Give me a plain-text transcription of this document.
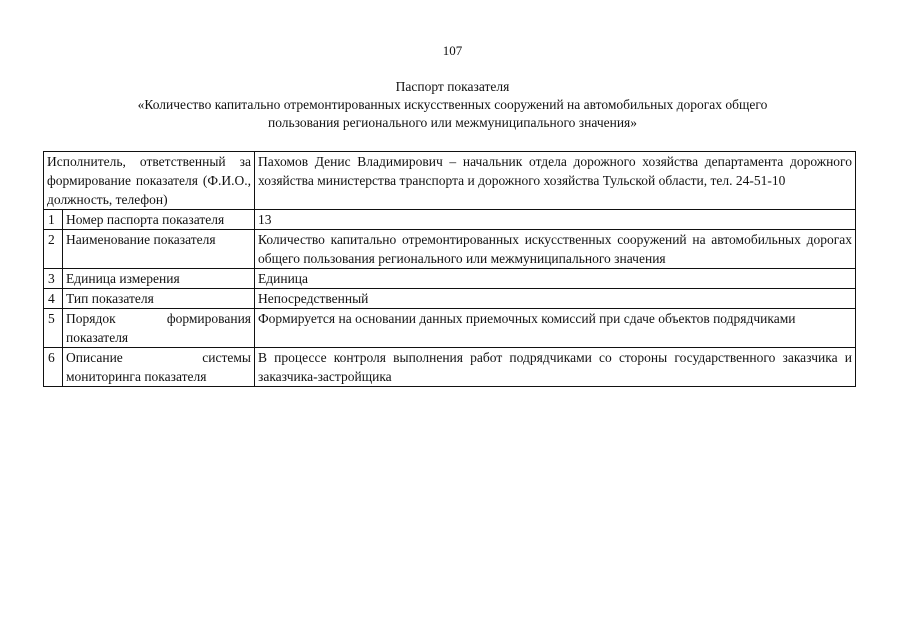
107
Паспорт показателя
«Количество капитально отремонтированных искусственных сооружений на автомобильных дорогах общего
пользования регионального или межмуниципального значения»
Исполнитель, ответственный за формирование показателя (Ф.И.О., должность, телефон)		Пахомов Денис Владимирович – начальник отдела дорожного хозяйства департамента дорожного хозяйства министерства транспорта и дорожного хозяйства Тульской области, тел. 24-51-10
1	Номер паспорта показателя	13
2	Наименование показателя	Количество капитально отремонтированных искусственных сооружений на автомобильных дорогах общего пользования регионального или межмуниципального значения
3	Единица измерения	Единица
4	Тип показателя	Непосредственный
5	Порядок формирования показателя	Формируется на основании данных приемочных комиссий при сдаче объектов подрядчиками
6	Описание системы мониторинга показателя	В процессе контроля выполнения работ подрядчиками со стороны государственного заказчика и заказчика-застройщика
